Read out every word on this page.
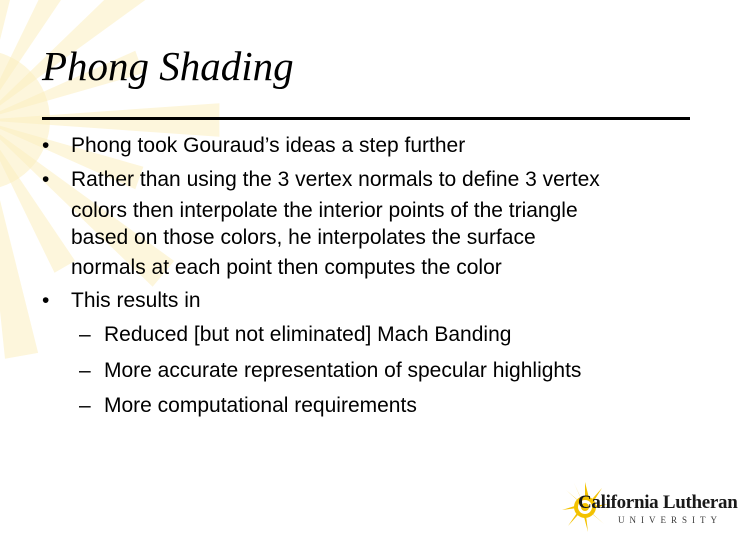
Phong Shading
•	Phong took Gouraud’s ideas a step further
•	Rather than using the 3 vertex normals to define 3 vertex
colors then interpolate the interior points of the triangle
based on those colors, he interpolates the surface
normals at each point then computes the color
•	This results in
– Reduced [but not eliminated] Mach Banding
– More accurate representation of specular highlights
– More computational requirements
California Lutheran
UNIVERSITY
